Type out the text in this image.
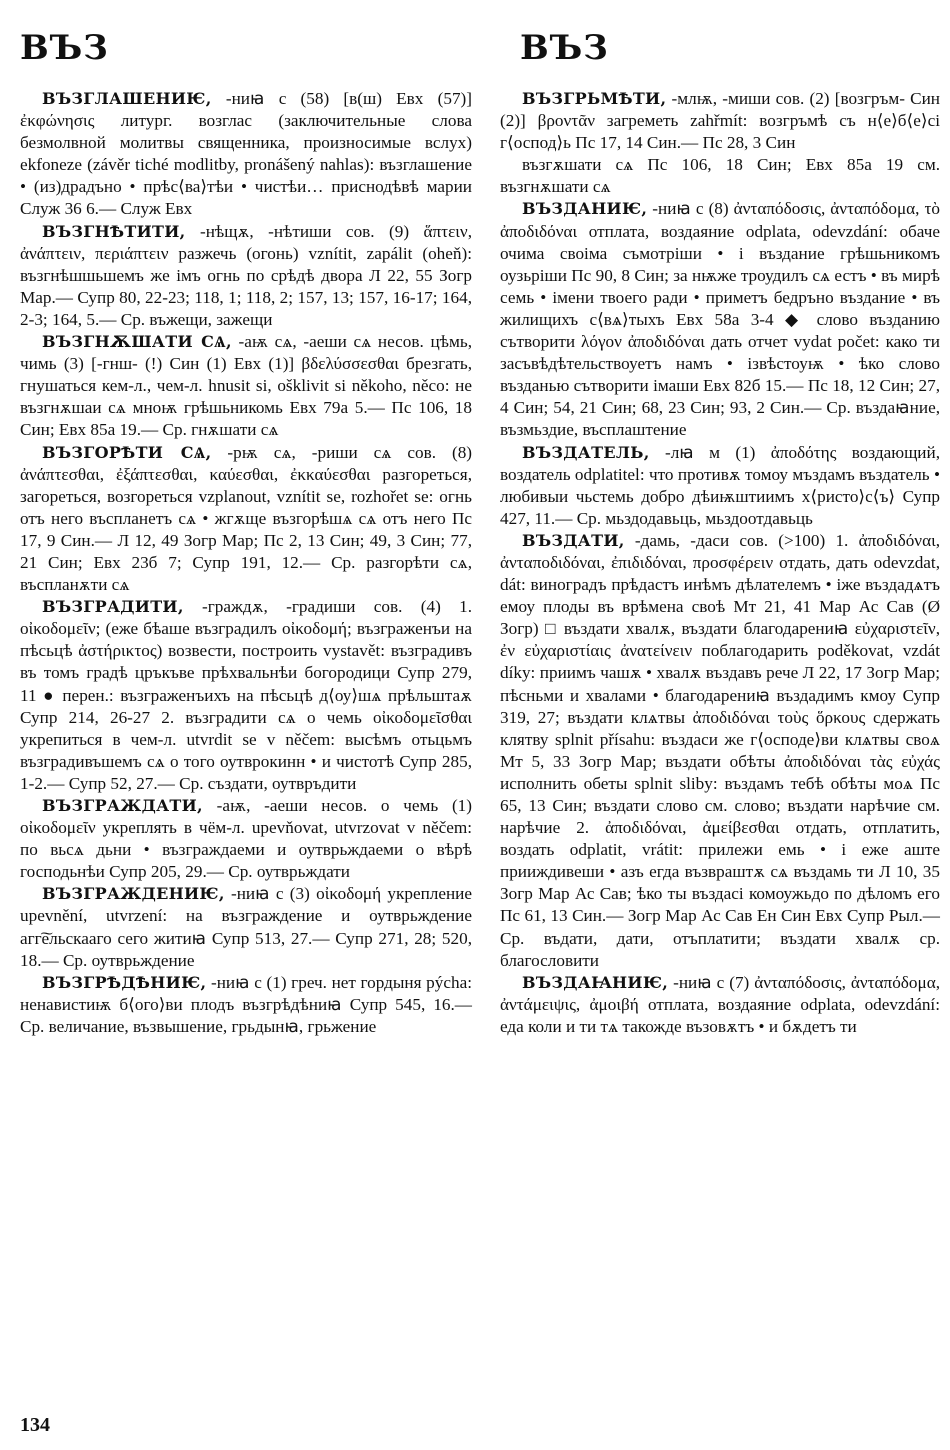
ВЪЗ	ВЪЗ

ВЪЗГЛАШЕНИѤ, -ниꙗ с (58) [в(ш) Евх (57)] ἐκφώνησις литург. возглас (заключительные слова безмолвной молитвы священника, произносимые вслух) ekfoneze (závěr tiché modlitby, pronášený nahlas): възглашение • (из)драдъно • прѣс⟨ва⟩тѣи • чистѣи… приснодѣвѣ марии Служ 36 6.— Служ Евх

ВЪЗГНѢТИТИ, -нѣщѫ, -нѣтиши сов. (9) ἅπτειν, ἀνάπτειν, περιάπτειν разжечь (огонь) vznítit, zapálit (oheň): възгнѣшшьшемъ же імъ огнь по срѣдѣ двора Л 22, 55 Зогр Мар.— Супр 80, 22-23; 118, 1; 118, 2; 157, 13; 157, 16-17; 164, 2-3; 164, 5.— Ср. въжещи, зажещи

ВЪЗГНѪШАТИ СѦ, -аѭ сѧ, -аеши сѧ несов. цѣмь, чимь (3) [-гнш- (!) Син (1) Евх (1)] βδελύσσεσθαι брезгать, гнушаться кем-л., чем-л. hnusit si, ošklivit si někoho, něco: не възгнѫшаи сѧ мноѭ грѣшьникомь Евх 79а 5.— Пс 106, 18 Син; Евх 85а 19.— Ср. гнѫшати сѧ

ВЪЗГОРѢТИ СѦ, -рѭ сѧ, -риши сѧ сов. (8) ἀνάπτεσθαι, ἐξάπτεσθαι, καύεσθαι, ἐκκαύεσθαι разгореться, загореться, возгореться vzplanout, vznítit se, rozhořet se: огнь отъ него въспланетъ сѧ • жгѫще възгорѣшѧ сѧ отъ него Пс 17, 9 Син.— Л 12, 49 Зогр Мар; Пс 2, 13 Син; 49, 3 Син; 77, 21 Син; Евх 23б 7; Супр 191, 12.— Ср. разгорѣти сѧ, въспланѫти сѧ

ВЪЗГРАДИТИ, -граждѫ, -градиши сов. (4) 1. οἰκοδομεῖν; (еже бѣаше възградилъ οἰκοδομή; възграженъи на пѣсьцѣ ἀστήρικτος) возвести, построить vystavět: възградивъ въ томъ градѣ цръкъве прѣхвальнѣи богородици Супр 279, 11 ● перен.: възграженъихъ на пѣсьцѣ д⟨оу⟩шѧ прѣльштаѫ Супр 214, 26-27 2. възградити сѧ о чемь οἰκοδομεῖσθαι укрепиться в чем-л. utvrdit se v něčem: высѣмъ отьцьмъ възградивъшемъ сѧ о того оутврокинн • и чистотѣ Супр 285, 1-2.— Супр 52, 27.— Ср. създати, оутвръдити

ВЪЗГРАЖДАТИ, -аѭ, -аеши несов. о чемь (1) οἰκοδομεῖν укреплять в чём-л. upevňovat, utvrzovat v něčem: по вьсѧ дьни • възграждаеми и оутврьждаеми о вѣрѣ господьнѣи Супр 205, 29.— Ср. оутврьждати

ВЪЗГРАЖДЕНИѤ, -ниꙗ с (3) οἰκοδομή укрепление upevnění, utvrzení: на възграждение и оутврьждение агг͠ельскааго сего житиꙗ Супр 513, 27.— Супр 271, 28; 520, 18.— Ср. оутврьждение

ВЪЗГРѢДѢНИѤ, -ниꙗ с (1) греч. нет гордыня pýcha: ненавистиѭ б⟨ого⟩ви плодъ възгрѣдѣниꙗ Супр 545, 16.— Ср. величание, възвышение, грьдынꙗ, грьжение

ВЪЗГРЬМѢТИ, -млѭ, -миши сов. (2) [возгръм- Син (2)] βροντᾶν загреметь zahřmít: возгръмѣ съ н⟨е⟩б⟨е⟩сі г⟨оспод⟩ь Пс 17, 14 Син.— Пс 28, 3 Син

възгѫшати сѧ Пс 106, 18 Син; Евх 85а 19 см. възгнѫшати сѧ

ВЪЗДАНИѤ, -ниꙗ с (8) ἀνταπόδοσις, ἀνταπόδομα, τὸ ἀποδιδόναι отплата, воздаяние odplata, odevzdání: обаче очима своіма съмотріши • і въздание грѣшьникомъ оузьріши Пс 90, 8 Син; за нѭже троудилъ сѧ естъ • въ мирѣ семь • імени твоего ради • приметъ бедръно въздание • въ жилищихъ с⟨вѧ⟩тыхъ Евх 58а 3-4 ◆ слово възданию сътворити λόγον ἀποδιδόναι дать отчет vydat počet: како ти засъвѣдѣтельствоуетъ намъ • ізвѣстоуѭ • ѣко слово възданью сътворити імаши Евх 82б 15.— Пс 18, 12 Син; 27, 4 Син; 54, 21 Син; 68, 23 Син; 93, 2 Син.— Ср. въздаꙗние, възмьздие, въсплаштение

ВЪЗДАТЕЛЬ, -лꙗ м (1) ἀποδότης воздающий, воздатель odplatitel: что противѫ томоу мъздамъ въздатель • любивыи чьстемь добро дѣиѭштиимъ х⟨ристо⟩с⟨ъ⟩ Супр 427, 11.— Ср. мьздодавьць, мьздоотдавьць

ВЪЗДАТИ, -дамь, -даси сов. (>100) 1. ἀποδιδόναι, ἀνταποδιδόναι, ἐπιδιδόναι, προσφέρειν отдать, дать odevzdat, dát: виноградъ прѣдастъ инѣмъ дѣлателемъ • іже въздадѧтъ емоу плоды въ врѣмена своѣ Мт 21, 41 Мар Ас Сав (Ø Зогр) □ въздати хвалѫ, въздати благодарениꙗ εὐχαριστεῖν, ἐν εὐχαριστίαις ἀνατείνειν поблагодарить poděkovat, vzdát díky: приимъ чашѫ • хвалѫ въздавъ рече Л 22, 17 Зогр Мар; пѣсньми и хвалами • благодарениꙗ въздадимъ кмоу Супр 319, 27; въздати клѧтвы ἀποδιδόναι τοὺς ὅρκους сдержать клятву splnit přísahu: въздаси же г⟨осподе⟩ви клѧтвы своѧ Мт 5, 33 Зогр Мар; въздати обѣты ἀποδιδόναι τὰς εὐχάς исполнить обеты splnit sliby: въздамъ тебѣ обѣты моѧ Пс 65, 13 Син; въздати слово см. слово; въздати нарѣчие см. нарѣчие 2. ἀποδιδόναι, ἀμείβεσθαι отдать, отплатить, воздать odplatit, vrátit: прилежи емь • і еже аште прииждивеши • азъ егда възвраштѫ сѧ въздамь ти Л 10, 35 Зогр Мар Ас Сав; ѣко ты въздасі комоужьдо по дѣломъ его Пс 61, 13 Син.— Зогр Мар Ас Сав Ен Син Евх Супр Рыл.— Ср. въдати, дати, отъплатити; въздати хвалѫ ср. благословити

ВЪЗДАꙖНИѤ, -ниꙗ с (7) ἀνταπόδοσις, ἀνταπόδομα, ἀντάμειψις, ἀμοιβή отплата, воздаяние odplata, odevzdání: еда коли и ти тѧ такожде възовѫтъ • и бѫдетъ ти

134
